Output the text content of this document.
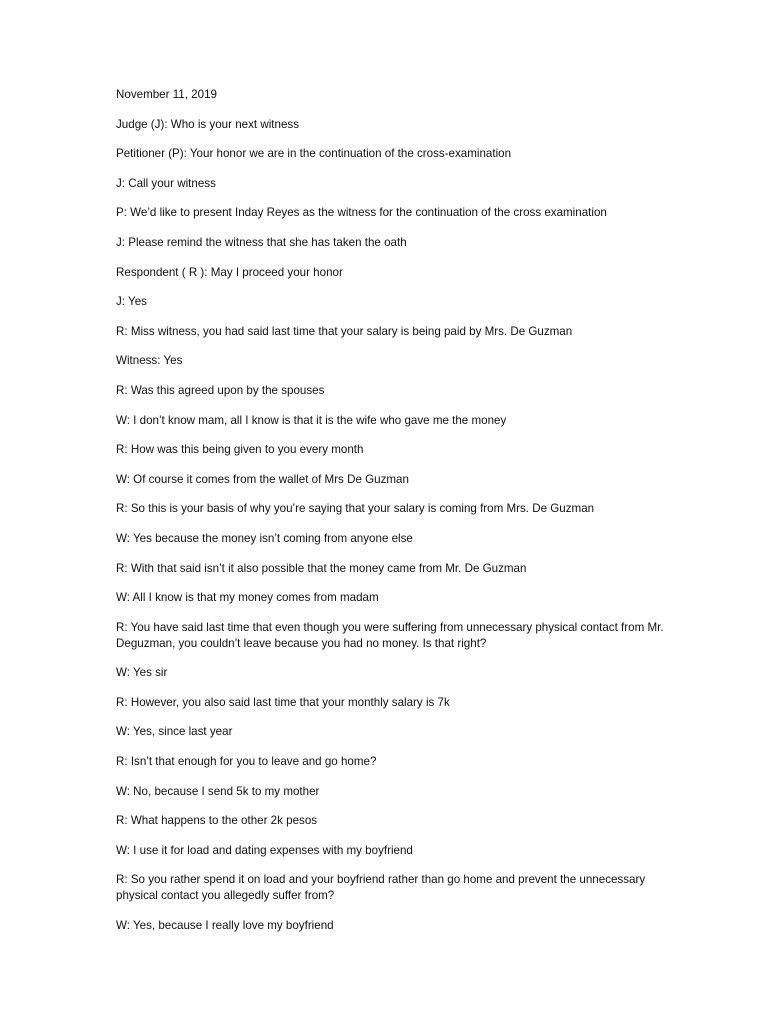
November 11, 2019

Judge (J): Who is your next witness

Petitioner (P): Your honor we are in the continuation of the cross-examination

J: Call your witness

P: We’d like to present Inday Reyes as the witness for the continuation of the cross examination

J: Please remind the witness that she has taken the oath

Respondent ( R ): May I proceed your honor

J: Yes

R: Miss witness, you had said last time that your salary is being paid by Mrs. De Guzman

Witness: Yes

R: Was this agreed upon by the spouses

W: I don’t know mam, all I know is that it is the wife who gave me the money

R: How was this being given to you every month

W: Of course it comes from the wallet of Mrs De Guzman

R: So this is your basis of why you’re saying that your salary is coming from Mrs. De Guzman

W: Yes because the money isn’t coming from anyone else

R: With that said isn’t it also possible that the money came from Mr. De Guzman

W: All I know is that my money comes from madam

R: You have said last time that even though you were suffering from unnecessary physical contact from Mr. Deguzman, you couldn’t leave because you had no money. Is that right?

W: Yes sir

R: However, you also said last time that your monthly salary is 7k

W: Yes, since last year

R: Isn’t that enough for you to leave and go home?

W: No, because I send 5k to my mother

R: What happens to the other 2k pesos

W: I use it for load and dating expenses with my boyfriend

R: So you rather spend it on load and your boyfriend rather than go home and prevent the unnecessary physical contact you allegedly suffer from?

W: Yes, because I really love my boyfriend
